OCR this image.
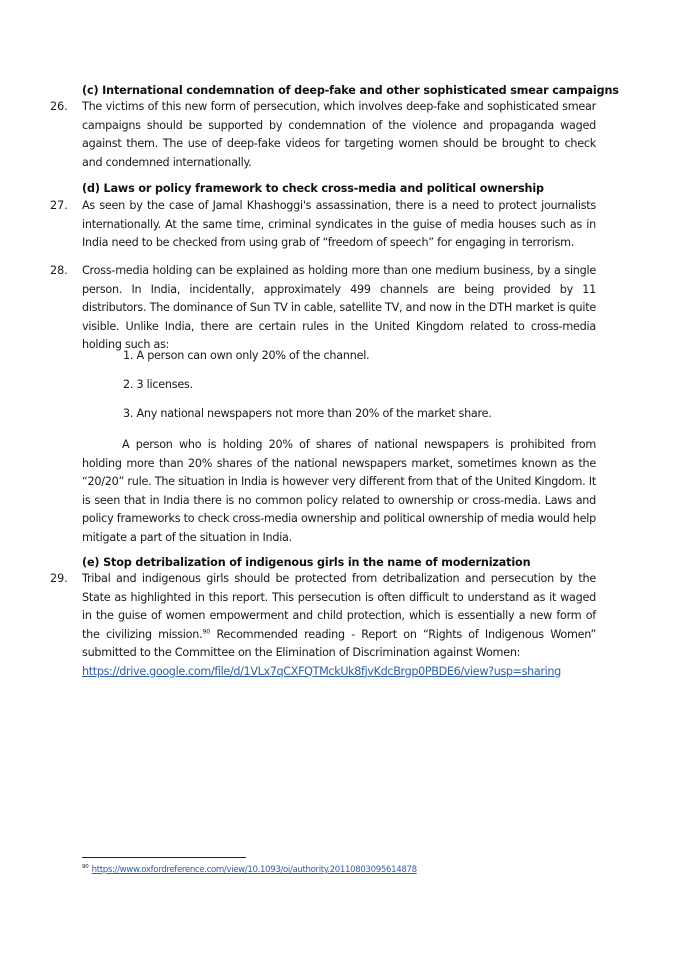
(c) International condemnation of deep-fake and other sophisticated smear campaigns
26. The victims of this new form of persecution, which involves deep-fake and sophisticated smear campaigns should be supported by condemnation of the violence and propaganda waged against them. The use of deep-fake videos for targeting women should be brought to check and condemned internationally.
(d) Laws or policy framework to check cross-media and political ownership
27. As seen by the case of Jamal Khashoggi's assassination, there is a need to protect journalists internationally. At the same time, criminal syndicates in the guise of media houses such as in India need to be checked from using grab of “freedom of speech” for engaging in terrorism.
28. Cross-media holding can be explained as holding more than one medium business, by a single person. In India, incidentally, approximately 499 channels are being provided by 11 distributors. The dominance of Sun TV in cable, satellite TV, and now in the DTH market is quite visible. Unlike India, there are certain rules in the United Kingdom related to cross-media holding such as:
1. A person can own only 20% of the channel.
2. 3 licenses.
3. Any national newspapers not more than 20% of the market share.
A person who is holding 20% of shares of national newspapers is prohibited from holding more than 20% shares of the national newspapers market, sometimes known as the “20/20” rule. The situation in India is however very different from that of the United Kingdom. It is seen that in India there is no common policy related to ownership or cross-media. Laws and policy frameworks to check cross-media ownership and political ownership of media would help mitigate a part of the situation in India.
(e) Stop detribalization of indigenous girls in the name of modernization
29. Tribal and indigenous girls should be protected from detribalization and persecution by the State as highlighted in this report. This persecution is often difficult to understand as it waged in the guise of women empowerment and child protection, which is essentially a new form of the civilizing mission.$^{90}$ Recommended reading - Report on “Rights of Indigenous Women” submitted to the Committee on the Elimination of Discrimination against Women:
https://drive.google.com/file/d/1VLx7qCXFQTMckUk8fjvKdcBrgp0PBDE6/view?usp=sharing
$^{90}$ https://www.oxfordreference.com/view/10.1093/oi/authority.20110803095614878
